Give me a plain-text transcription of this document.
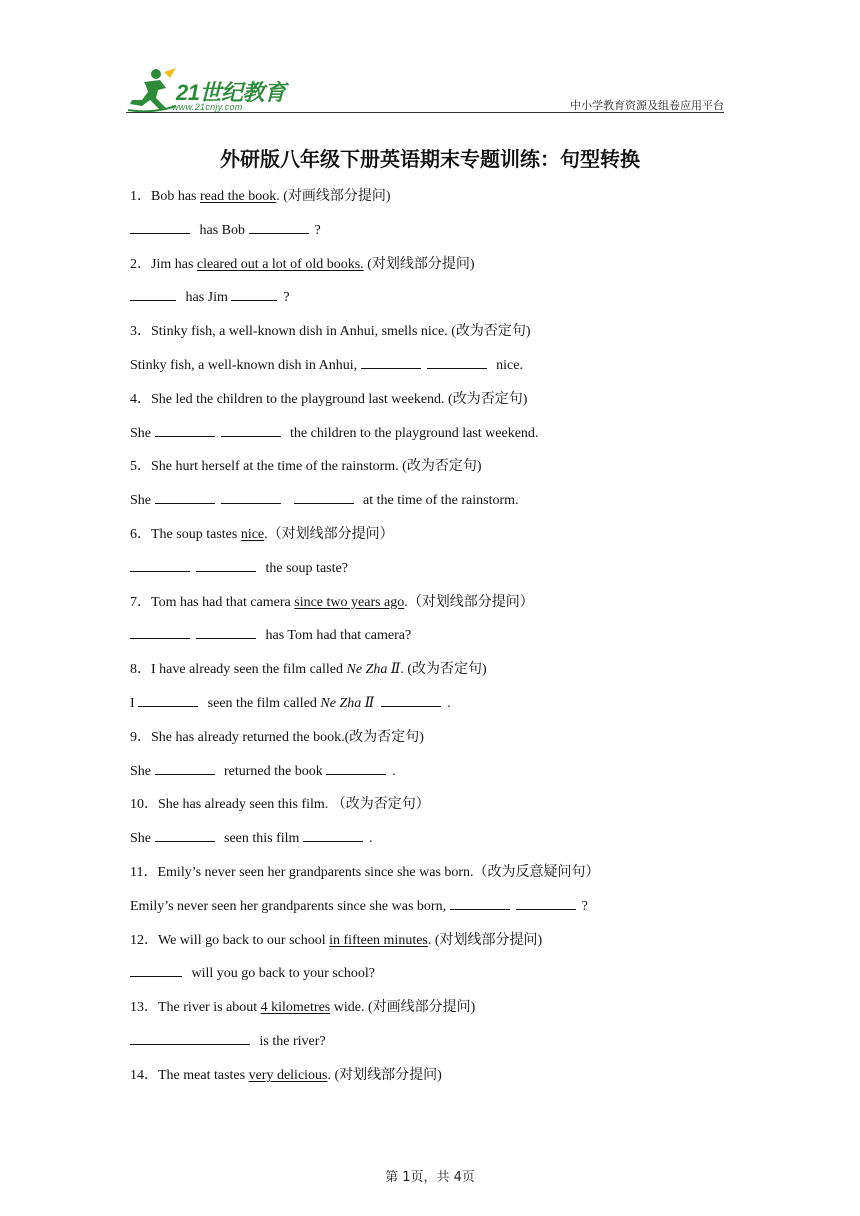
21世纪教育
www.21cnjy.com	中小学教育资源及组卷应用平台
外研版八年级下册英语期末专题训练：句型转换
1．Bob has read the book. (对画线部分提问)
has Bob	?
2．Jim has cleared out a lot of old books. (对划线部分提问)
has Jim	?
3．Stinky fish, a well-known dish in Anhui, smells nice. (改为否定句)
Stinky fish, a well-known dish in Anhui,	nice.
4．She led the children to the playground last weekend. (改为否定句)
She	the children to the playground last weekend.
5．She hurt herself at the time of the rainstorm. (改为否定句)
She	at the time of the rainstorm.
6．The soup tastes nice.（对划线部分提问）
the soup taste?
7．Tom has had that camera since two years ago.（对划线部分提问）
has Tom had that camera?
8．I have already seen the film called Ne Zha Ⅱ. (改为否定句)
I	seen the film called Ne Zha Ⅱ	.
9．She has already returned the book.(改为否定句)
She	returned the book	.
10．She has already seen this film. （改为否定句）
She	seen this film	.
11．Emily’s never seen her grandparents since she was born.（改为反意疑问句）
Emily’s never seen her grandparents since she was born,	?
12．We will go back to our school in fifteen minutes. (对划线部分提问)
will you go back to your school?
13．The river is about 4 kilometres wide. (对画线部分提问)
is the river?
14．The meat tastes very delicious. (对划线部分提问)
第 1页，共 4页
